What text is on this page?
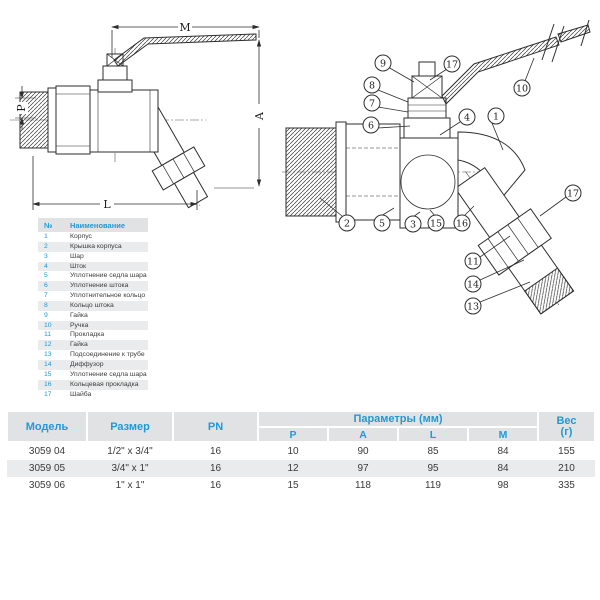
M
A
P
L
9	17
8
7
6
4 1
10
2	5	3 15 16
17
11
14
13
№	Наименование
1	Корпус
2	Крышка корпуса
3	Шар
4	Шток
5	Уплотнение седла шара
6	Уплотнение штока
7	Уплотнительное кольцо
8	Кольцо штока
9	Гайка
10	Ручка
11	Прокладка
12	Гайка
13	Подсоединение к трубе
14	Диффузор
15	Уплотнение седла шара
16	Кольцевая прокладка
17	Шайба
Модель	Размер	PN	Параметры (мм)				Вес
(г)
			P	A	L	M	
3059 04	1/2" x 3/4"	16	10	90	85	84	155
3059 05	3/4" x 1"	16	12	97	95	84	210
3059 06	1" x 1"	16	15	118	119	98	335
